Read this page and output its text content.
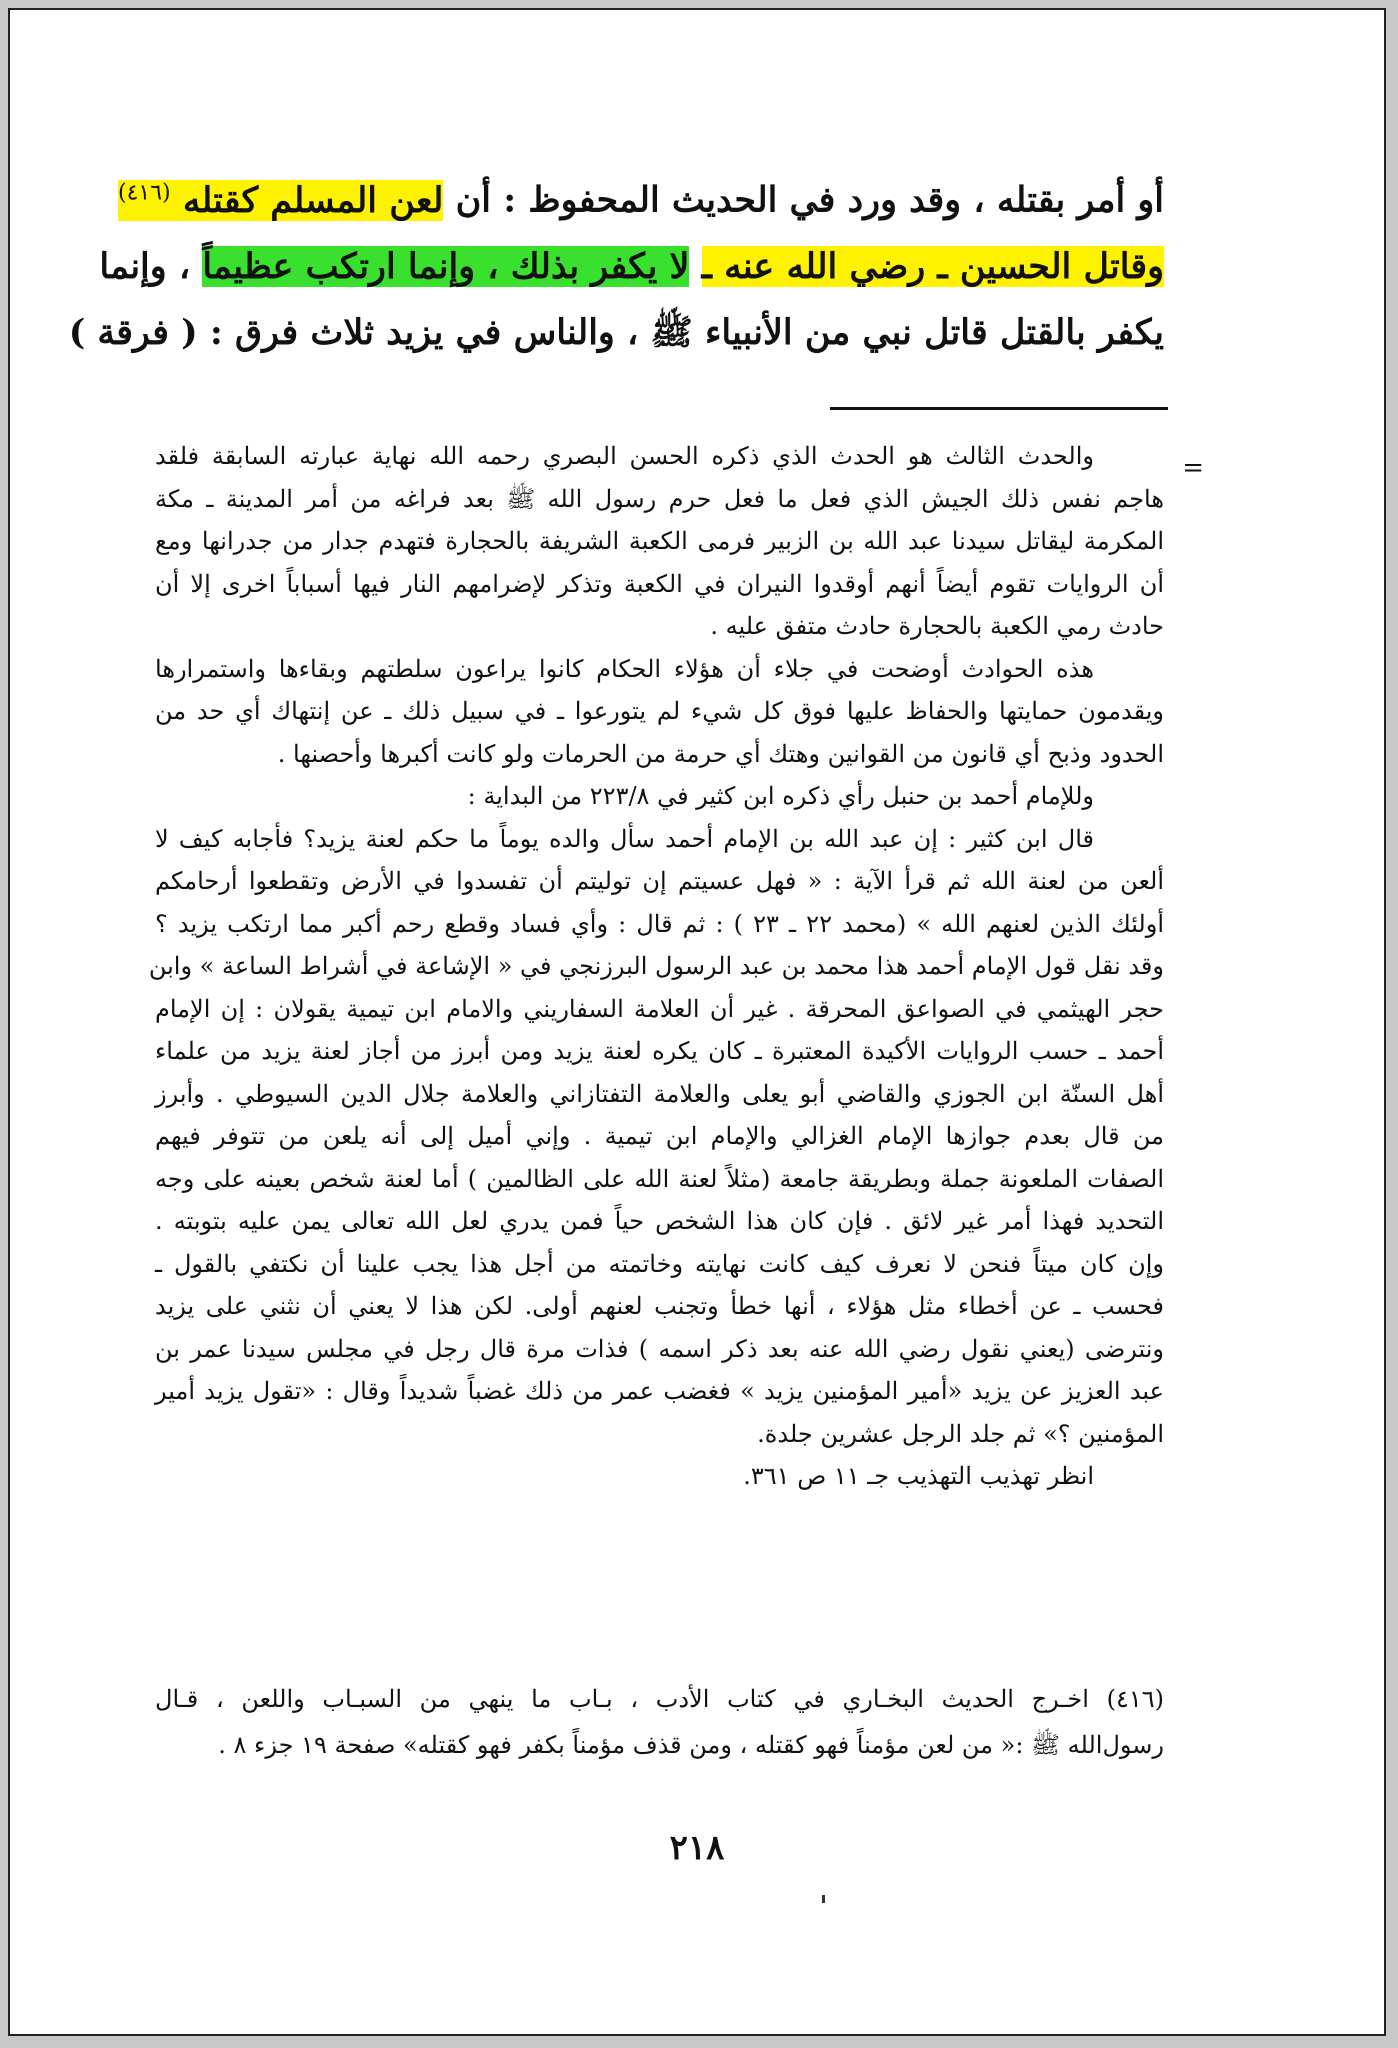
أو أمر بقتله ، وقد ورد في الحديث المحفوظ : أن لعن المسلم كقتله $^{(٤١٦)}$
وقاتل الحسين ـ رضي الله عنه ـ لا يكفر بذلك ، وإنما ارتكب عظيماً ، وإنما
يكفر بالقتل قاتل نبي من الأنبياء ﷺ ، والناس في يزيد ثلاث فرق : ( فرقة )
=
والحدث الثالث هو الحدث الذي ذكره الحسن البصري رحمه الله نهاية عبارته السابقة فلقد
هاجم نفس ذلك الجيش الذي فعل ما فعل حرم رسول الله ﷺ بعد فراغه من أمر المدينة ـ مكة
المكرمة ليقاتل سيدنا عبد الله بن الزبير فرمى الكعبة الشريفة بالحجارة فتهدم جدار من جدرانها ومع
أن الروايات تقوم أيضاً أنهم أوقدوا النيران في الكعبة وتذكر لإضرامهم النار فيها أسباباً اخرى إلا أن
حادث رمي الكعبة بالحجارة حادث متفق عليه .
هذه الحوادث أوضحت في جلاء أن هؤلاء الحكام كانوا يراعون سلطتهم وبقاءها واستمرارها
ويقدمون حمايتها والحفاظ عليها فوق كل شيء لم يتورعوا ـ في سبيل ذلك ـ عن إنتهاك أي حد من
الحدود وذبح أي قانون من القوانين وهتك أي حرمة من الحرمات ولو كانت أكبرها وأحصنها .
وللإمام أحمد بن حنبل رأي ذكره ابن كثير في ٢٢٣/٨ من البداية :
قال ابن كثير : إن عبد الله بن الإمام أحمد سأل والده يوماً ما حكم لعنة يزيد؟ فأجابه كيف لا
ألعن من لعنة الله ثم قرأ الآية : « فهل عسيتم إن توليتم أن تفسدوا في الأرض وتقطعوا أرحامكم
أولئك الذين لعنهم الله » (محمد ٢٢ ـ ٢٣ ) : ثم قال : وأي فساد وقطع رحم أكبر مما ارتكب يزيد ؟
وقد نقل قول الإمام أحمد هذا محمد بن عبد الرسول البرزنجي في « الإشاعة في أشراط الساعة » وابن
حجر الهيثمي في الصواعق المحرقة . غير أن العلامة السفاريني والامام ابن تيمية يقولان : إن الإمام
أحمد ـ حسب الروايات الأكيدة المعتبرة ـ كان يكره لعنة يزيد ومن أبرز من أجاز لعنة يزيد من علماء
أهل السنّة ابن الجوزي والقاضي أبو يعلى والعلامة التفتازاني والعلامة جلال الدين السيوطي . وأبرز
من قال بعدم جوازها الإمام الغزالي والإمام ابن تيمية . وإني أميل إلى أنه يلعن من تتوفر فيهم
الصفات الملعونة جملة وبطريقة جامعة (مثلاً لعنة الله على الظالمين ) أما لعنة شخص بعينه على وجه
التحديد فهذا أمر غير لائق . فإن كان هذا الشخص حياً فمن يدري لعل الله تعالى يمن عليه بتوبته .
وإن كان ميتاً فنحن لا نعرف كيف كانت نهايته وخاتمته من أجل هذا يجب علينا أن نكتفي بالقول ـ
فحسب ـ عن أخطاء مثل هؤلاء ، أنها خطأ وتجنب لعنهم أولى. لكن هذا لا يعني أن نثني على يزيد
ونترضى (يعني نقول رضي الله عنه بعد ذكر اسمه ) فذات مرة قال رجل في مجلس سيدنا عمر بن
عبد العزيز عن يزيد «أمير المؤمنين يزيد » فغضب عمر من ذلك غضباً شديداً وقال : «تقول يزيد أمير
المؤمنين ؟» ثم جلد الرجل عشرين جلدة.
انظر تهذيب التهذيب جـ ١١ ص ٣٦١.
(٤١٦) اخـرج الحديث البخـاري في كتاب الأدب ، بـاب ما ينهي من السبـاب واللعن ، قـال
رسول‌الله ﷺ :« من لعن مؤمناً فهو كقتله ، ومن قذف مؤمناً بكفر فهو كقتله» صفحة ١٩ جزء ٨ .
٢١٨
